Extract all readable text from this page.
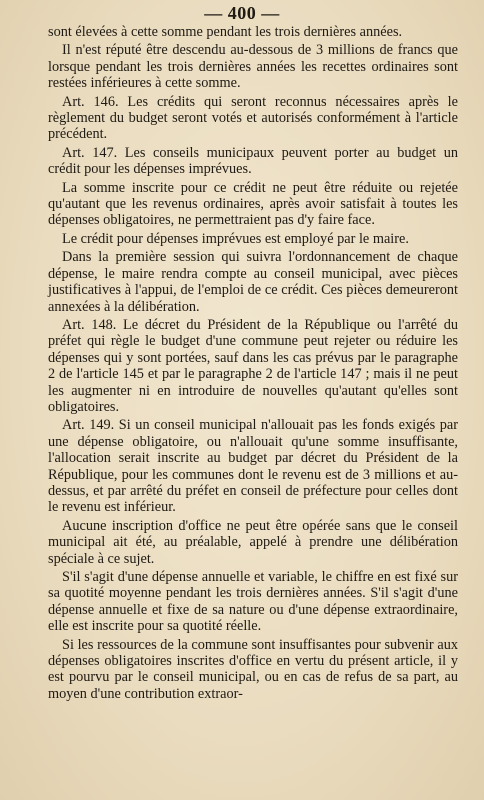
— 400 —

sont élevées à cette somme pendant les trois dernières années.

Il n'est réputé être descendu au-dessous de 3 millions de francs que lorsque pendant les trois dernières années les recettes ordinaires sont restées inférieures à cette somme.

Art. 146. Les crédits qui seront reconnus nécessaires après le règlement du budget seront votés et autorisés conformément à l'article précédent.

Art. 147. Les conseils municipaux peuvent porter au budget un crédit pour les dépenses imprévues.

La somme inscrite pour ce crédit ne peut être réduite ou rejetée qu'autant que les revenus ordinaires, après avoir satisfait à toutes les dépenses obligatoires, ne permettraient pas d'y faire face.

Le crédit pour dépenses imprévues est employé par le maire.

Dans la première session qui suivra l'ordonnancement de chaque dépense, le maire rendra compte au conseil municipal, avec pièces justificatives à l'appui, de l'emploi de ce crédit. Ces pièces demeureront annexées à la délibération.

Art. 148. Le décret du Président de la République ou l'arrêté du préfet qui règle le budget d'une commune peut rejeter ou réduire les dépenses qui y sont portées, sauf dans les cas prévus par le paragraphe 2 de l'article 145 et par le paragraphe 2 de l'article 147 ; mais il ne peut les augmenter ni en introduire de nouvelles qu'autant qu'elles sont obligatoires.

Art. 149. Si un conseil municipal n'allouait pas les fonds exigés par une dépense obligatoire, ou n'allouait qu'une somme insuffisante, l'allocation serait inscrite au budget par décret du Président de la République, pour les communes dont le revenu est de 3 millions et au-dessus, et par arrêté du préfet en conseil de préfecture pour celles dont le revenu est inférieur.

Aucune inscription d'office ne peut être opérée sans que le conseil municipal ait été, au préalable, appelé à prendre une délibération spéciale à ce sujet.

S'il s'agit d'une dépense annuelle et variable, le chiffre en est fixé sur sa quotité moyenne pendant les trois dernières années. S'il s'agit d'une dépense annuelle et fixe de sa nature ou d'une dépense extraordinaire, elle est inscrite pour sa quotité réelle.

Si les ressources de la commune sont insuffisantes pour subvenir aux dépenses obligatoires inscrites d'office en vertu du présent article, il y est pourvu par le conseil municipal, ou en cas de refus de sa part, au moyen d'une contribution extraor-
